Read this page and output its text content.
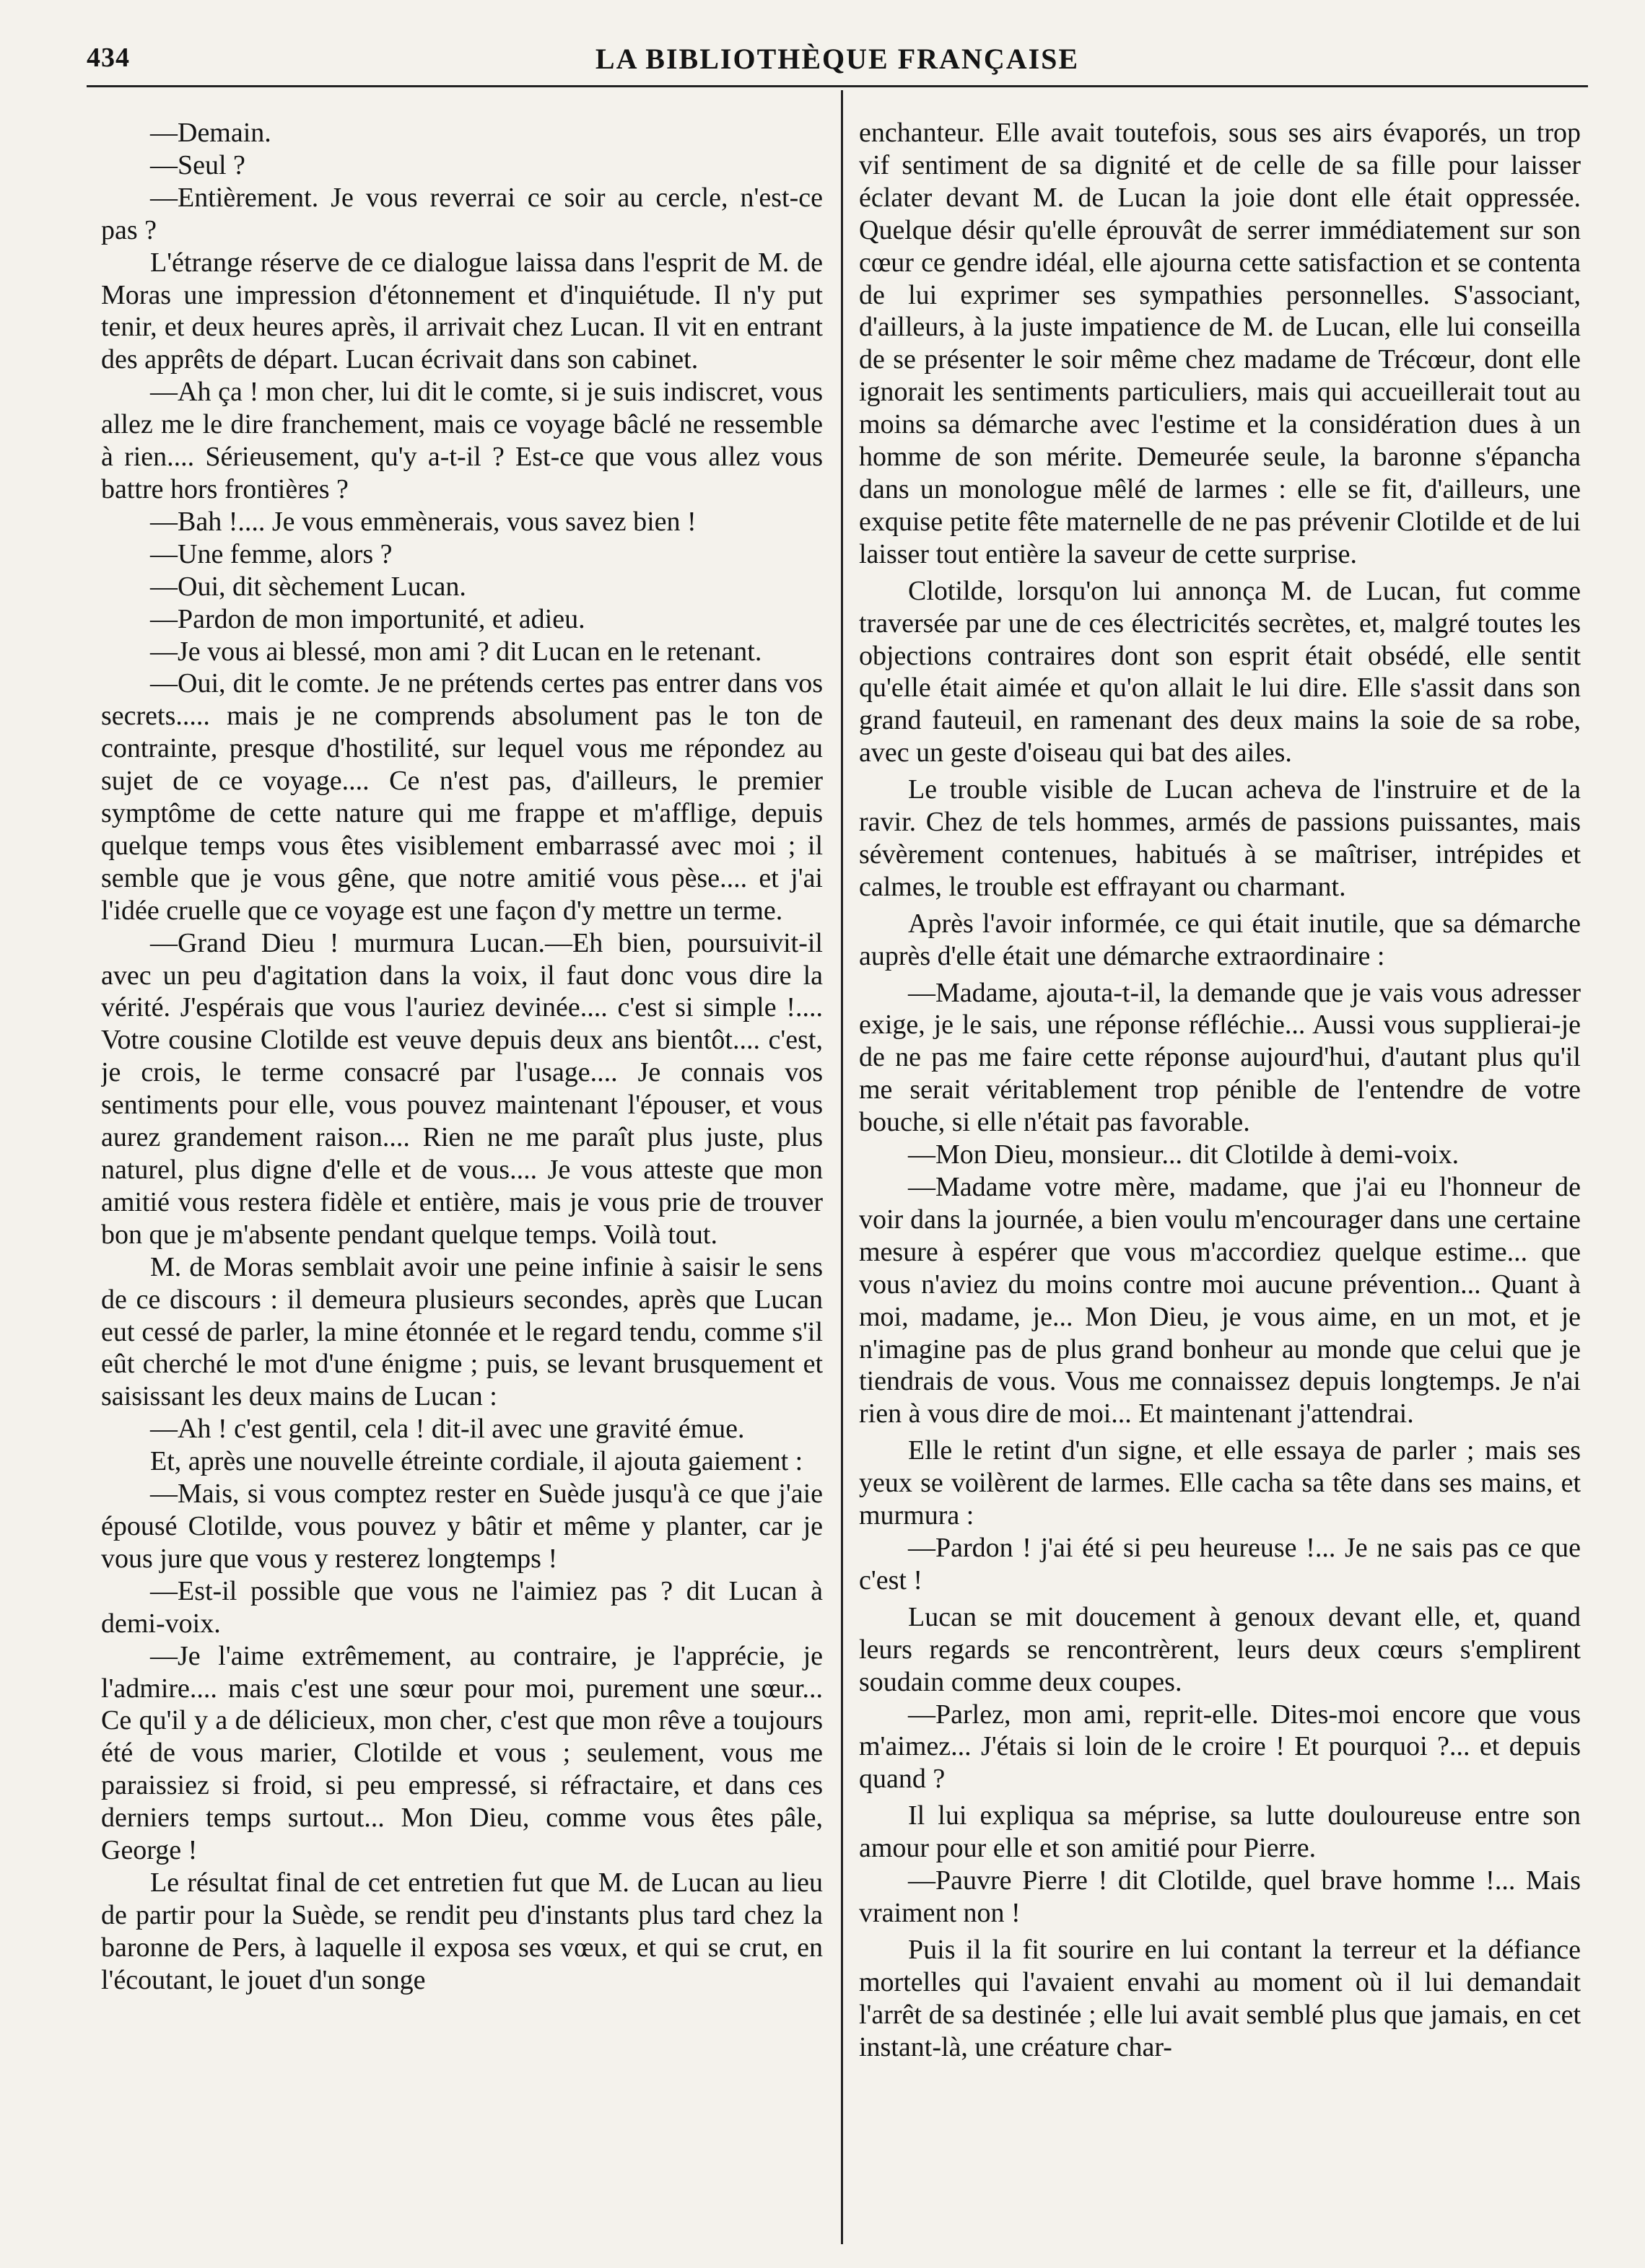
434	LA BIBLIOTHÈQUE FRANÇAISE

—Demain.

—Seul ?

—Entièrement. Je vous reverrai ce soir au cercle, n'est-ce pas ?

L'étrange réserve de ce dialogue laissa dans l'esprit de M. de Moras une impression d'étonnement et d'inquiétude. Il n'y put tenir, et deux heures après, il arrivait chez Lucan. Il vit en entrant des apprêts de départ. Lucan écrivait dans son cabinet.

—Ah ça ! mon cher, lui dit le comte, si je suis indiscret, vous allez me le dire franchement, mais ce voyage bâclé ne ressemble à rien.... Sérieusement, qu'y a-t-il ? Est-ce que vous allez vous battre hors frontières ?

—Bah !.... Je vous emmènerais, vous savez bien !

—Une femme, alors ?

—Oui, dit sèchement Lucan.

—Pardon de mon importunité, et adieu.

—Je vous ai blessé, mon ami ? dit Lucan en le retenant.

—Oui, dit le comte. Je ne prétends certes pas entrer dans vos secrets..... mais je ne comprends absolument pas le ton de contrainte, presque d'hostilité, sur lequel vous me répondez au sujet de ce voyage.... Ce n'est pas, d'ailleurs, le premier symptôme de cette nature qui me frappe et m'afflige, depuis quelque temps vous êtes visiblement embarrassé avec moi ; il semble que je vous gêne, que notre amitié vous pèse.... et j'ai l'idée cruelle que ce voyage est une façon d'y mettre un terme.

—Grand Dieu ! murmura Lucan.—Eh bien, poursuivit-il avec un peu d'agitation dans la voix, il faut donc vous dire la vérité. J'espérais que vous l'auriez devinée.... c'est si simple !.... Votre cousine Clotilde est veuve depuis deux ans bientôt.... c'est, je crois, le terme consacré par l'usage.... Je connais vos sentiments pour elle, vous pouvez maintenant l'épouser, et vous aurez grandement raison.... Rien ne me paraît plus juste, plus naturel, plus digne d'elle et de vous.... Je vous atteste que mon amitié vous restera fidèle et entière, mais je vous prie de trouver bon que je m'absente pendant quelque temps. Voilà tout.

M. de Moras semblait avoir une peine infinie à saisir le sens de ce discours : il demeura plusieurs secondes, après que Lucan eut cessé de parler, la mine étonnée et le regard tendu, comme s'il eût cherché le mot d'une énigme ; puis, se levant brusquement et saisissant les deux mains de Lucan :

—Ah ! c'est gentil, cela ! dit-il avec une gravité émue.

Et, après une nouvelle étreinte cordiale, il ajouta gaiement :

—Mais, si vous comptez rester en Suède jusqu'à ce que j'aie épousé Clotilde, vous pouvez y bâtir et même y planter, car je vous jure que vous y resterez longtemps !

—Est-il possible que vous ne l'aimiez pas ? dit Lucan à demi-voix.

—Je l'aime extrêmement, au contraire, je l'apprécie, je l'admire.... mais c'est une sœur pour moi, purement une sœur... Ce qu'il y a de délicieux, mon cher, c'est que mon rêve a toujours été de vous marier, Clotilde et vous ; seulement, vous me paraissiez si froid, si peu empressé, si réfractaire, et dans ces derniers temps surtout... Mon Dieu, comme vous êtes pâle, George !

Le résultat final de cet entretien fut que M. de Lucan au lieu de partir pour la Suède, se rendit peu d'instants plus tard chez la baronne de Pers, à laquelle il exposa ses vœux, et qui se crut, en l'écoutant, le jouet d'un songe

enchanteur. Elle avait toutefois, sous ses airs évaporés, un trop vif sentiment de sa dignité et de celle de sa fille pour laisser éclater devant M. de Lucan la joie dont elle était oppressée. Quelque désir qu'elle éprouvât de serrer immédiatement sur son cœur ce gendre idéal, elle ajourna cette satisfaction et se contenta de lui exprimer ses sympathies personnelles. S'associant, d'ailleurs, à la juste impatience de M. de Lucan, elle lui conseilla de se présenter le soir même chez madame de Trécœur, dont elle ignorait les sentiments particuliers, mais qui accueillerait tout au moins sa démarche avec l'estime et la considération dues à un homme de son mérite. Demeurée seule, la baronne s'épancha dans un monologue mêlé de larmes : elle se fit, d'ailleurs, une exquise petite fête maternelle de ne pas prévenir Clotilde et de lui laisser tout entière la saveur de cette surprise.

Clotilde, lorsqu'on lui annonça M. de Lucan, fut comme traversée par une de ces électricités secrètes, et, malgré toutes les objections contraires dont son esprit était obsédé, elle sentit qu'elle était aimée et qu'on allait le lui dire. Elle s'assit dans son grand fauteuil, en ramenant des deux mains la soie de sa robe, avec un geste d'oiseau qui bat des ailes.

Le trouble visible de Lucan acheva de l'instruire et de la ravir. Chez de tels hommes, armés de passions puissantes, mais sévèrement contenues, habitués à se maîtriser, intrépides et calmes, le trouble est effrayant ou charmant.

Après l'avoir informée, ce qui était inutile, que sa démarche auprès d'elle était une démarche extraordinaire :

—Madame, ajouta-t-il, la demande que je vais vous adresser exige, je le sais, une réponse réfléchie... Aussi vous supplierai-je de ne pas me faire cette réponse aujourd'hui, d'autant plus qu'il me serait véritablement trop pénible de l'entendre de votre bouche, si elle n'était pas favorable.

—Mon Dieu, monsieur... dit Clotilde à demi-voix.

—Madame votre mère, madame, que j'ai eu l'honneur de voir dans la journée, a bien voulu m'encourager dans une certaine mesure à espérer que vous m'accordiez quelque estime... que vous n'aviez du moins contre moi aucune prévention... Quant à moi, madame, je... Mon Dieu, je vous aime, en un mot, et je n'imagine pas de plus grand bonheur au monde que celui que je tiendrais de vous. Vous me connaissez depuis longtemps. Je n'ai rien à vous dire de moi... Et maintenant j'attendrai.

Elle le retint d'un signe, et elle essaya de parler ; mais ses yeux se voilèrent de larmes. Elle cacha sa tête dans ses mains, et murmura :

—Pardon ! j'ai été si peu heureuse !... Je ne sais pas ce que c'est !

Lucan se mit doucement à genoux devant elle, et, quand leurs regards se rencontrèrent, leurs deux cœurs s'emplirent soudain comme deux coupes.

—Parlez, mon ami, reprit-elle. Dites-moi encore que vous m'aimez... J'étais si loin de le croire ! Et pourquoi ?... et depuis quand ?

Il lui expliqua sa méprise, sa lutte douloureuse entre son amour pour elle et son amitié pour Pierre.

—Pauvre Pierre ! dit Clotilde, quel brave homme !... Mais vraiment non !

Puis il la fit sourire en lui contant la terreur et la défiance mortelles qui l'avaient envahi au moment où il lui demandait l'arrêt de sa destinée ; elle lui avait semblé plus que jamais, en cet instant-là, une créature char-
